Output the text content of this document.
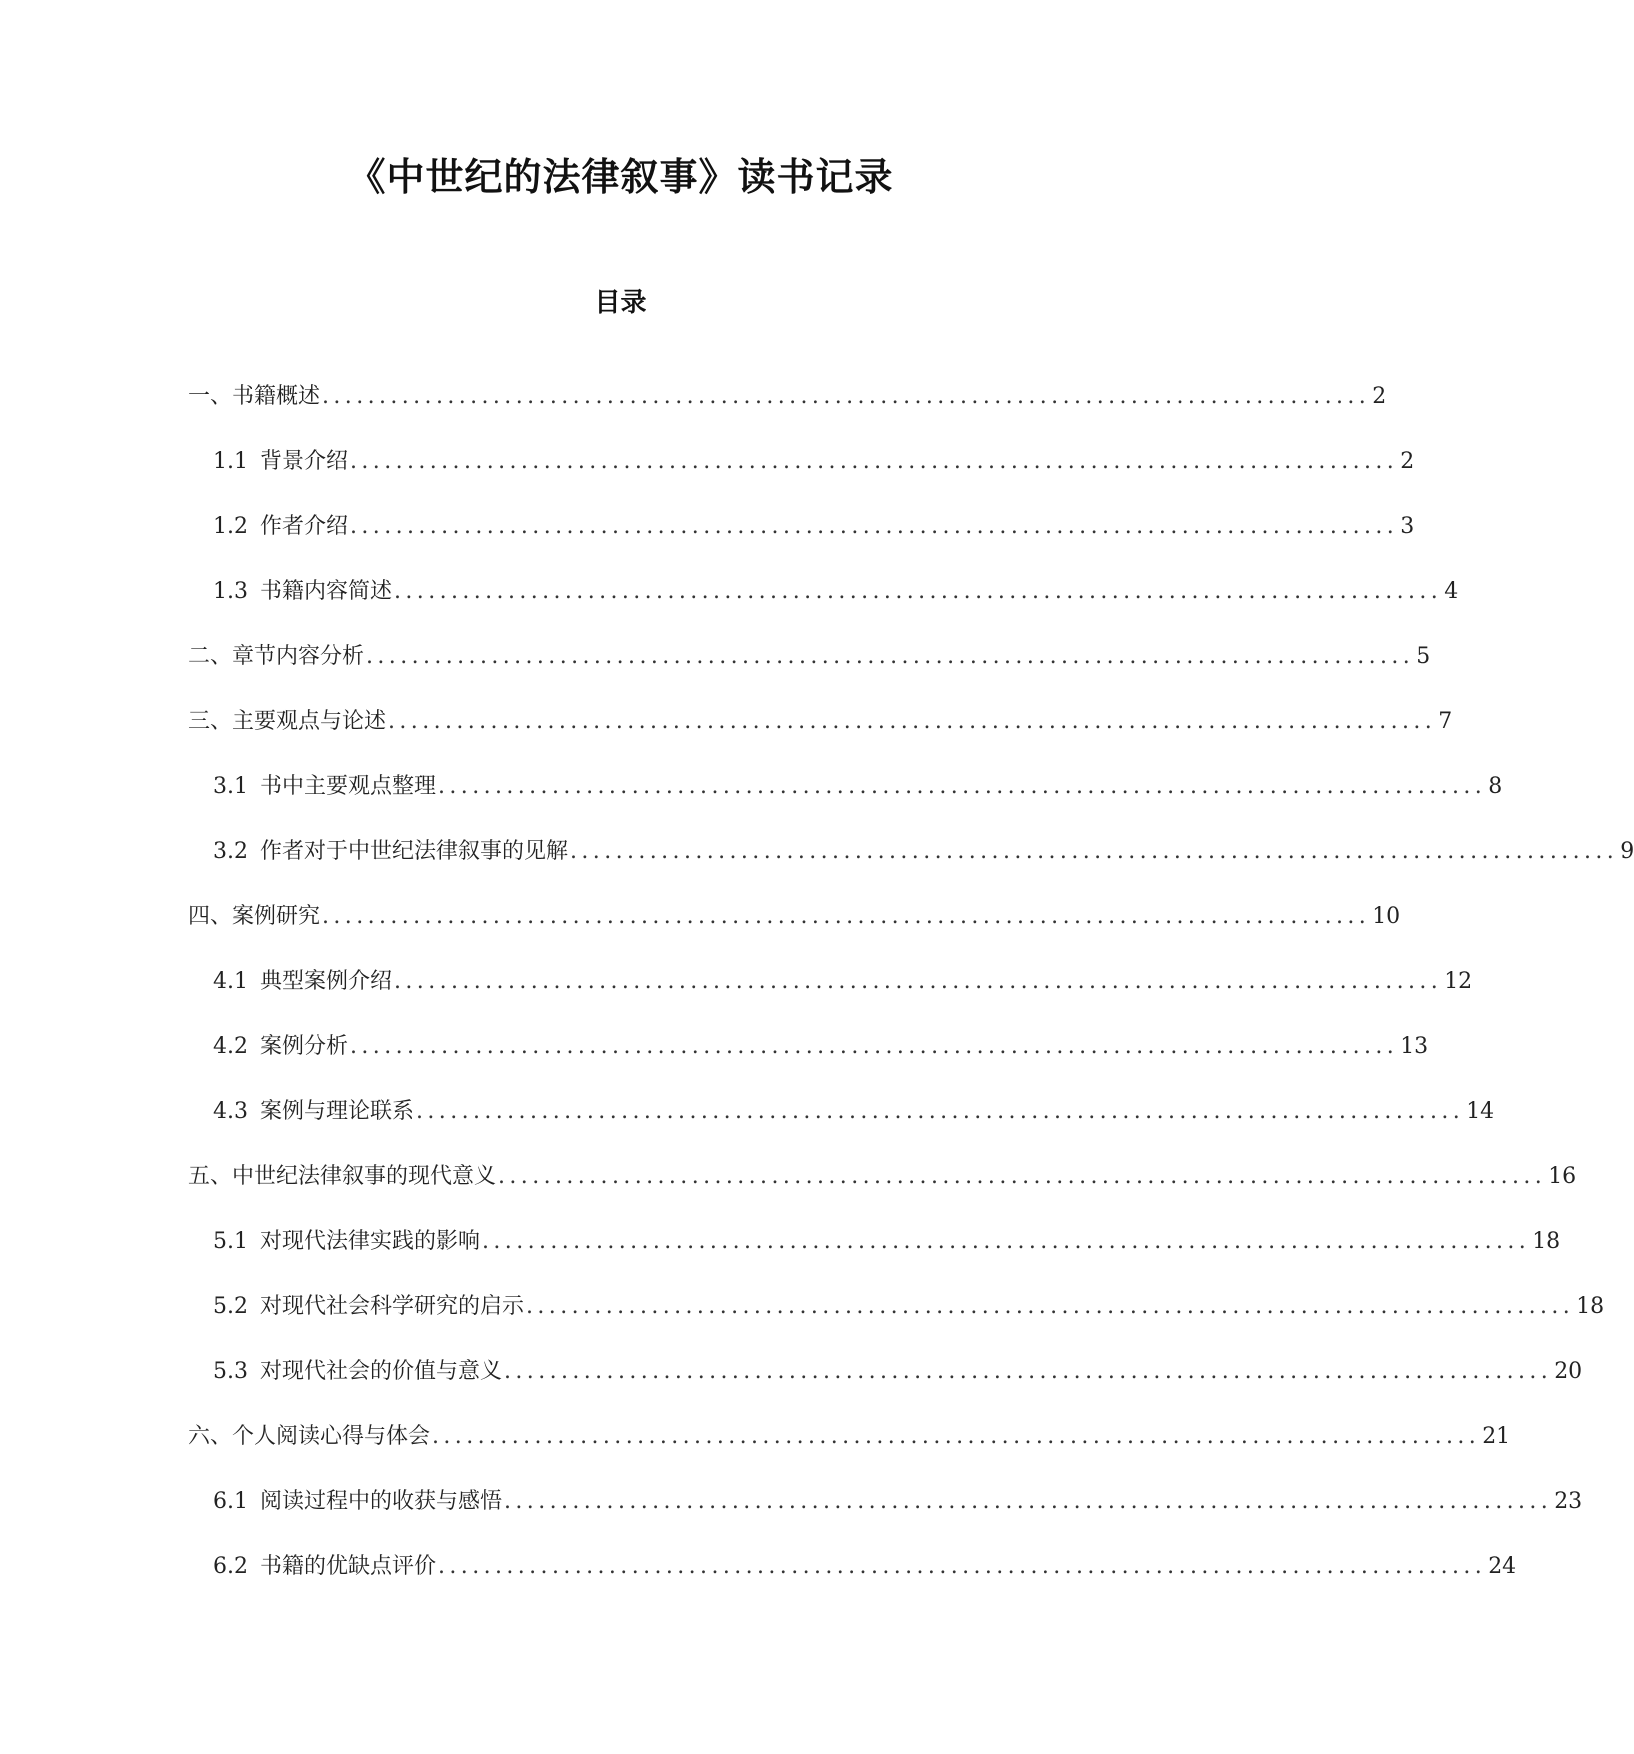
《中世纪的法律叙事》读书记录
目录
一、书籍概述 ............................................................................................ 2
1.1 背景介绍 ............................................................................................ 2
1.2 作者介绍 ............................................................................................ 3
1.3 书籍内容简述 ............................................................................................ 4
二、章节内容分析 ............................................................................................ 5
三、主要观点与论述 ............................................................................................ 7
3.1 书中主要观点整理 ............................................................................................ 8
3.2 作者对于中世纪法律叙事的见解 ............................................................................................ 9
四、案例研究 ............................................................................................ 10
4.1 典型案例介绍 ............................................................................................ 12
4.2 案例分析 ............................................................................................ 13
4.3 案例与理论联系 ............................................................................................ 14
五、中世纪法律叙事的现代意义 ............................................................................................ 16
5.1 对现代法律实践的影响 ............................................................................................ 18
5.2 对现代社会科学研究的启示 ............................................................................................ 18
5.3 对现代社会的价值与意义 ............................................................................................ 20
六、个人阅读心得与体会 ............................................................................................ 21
6.1 阅读过程中的收获与感悟 ............................................................................................ 23
6.2 书籍的优缺点评价 ............................................................................................ 24
